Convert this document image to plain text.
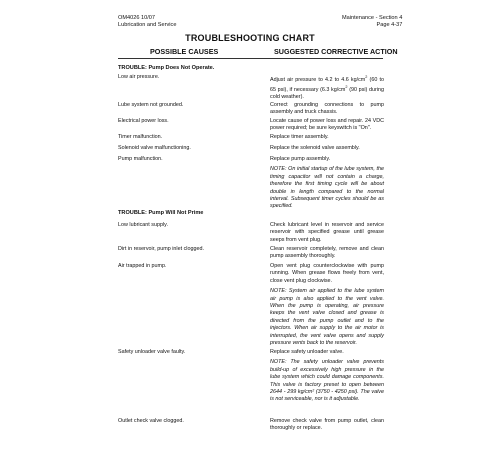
OM4026 10/07
Lubrication and Service
Maintenance - Section 4
Page 4-37
TROUBLESHOOTING CHART
POSSIBLE CAUSES	SUGGESTED CORRECTIVE ACTION
TROUBLE: Pump Does Not Operate.
Low air pressure.	Adjust air pressure to 4.2 to 4.6 $kg/cm^2$ (60 to 65 psi), if necessary (6.3 $kg/cm^2$ (90 psi) during cold weather).
Lube system not grounded.	Correct grounding connections to pump assembly and truck chassis.
Electrical power loss.	Locate cause of power loss and repair. 24 VDC power required; be sure keyswitch is "On".
Timer malfunction.	Replace timer assembly.
Solenoid valve malfunctioning.	Replace the solenoid valve assembly.
Pump malfunction.	Replace pump assembly.
NOTE: On initial startup of the lube system, the timing capacitor will not contain a charge, therefore the first timing cycle will be about double in length compared to the normal interval. Subsequent timer cycles should be as specified.
TROUBLE: Pump Will Not Prime
Low lubricant supply.	Check lubricant level in reservoir and service reservoir with specified grease until grease seeps from vent plug.
Dirt in reservoir, pump inlet clogged.	Clean reservoir completely, remove and clean pump assembly thoroughly.
Air trapped in pump.	Open vent plug counterclockwise with pump running. When grease flows freely from vent, close vent plug clockwise.
NOTE: System air applied to the lube system air pump is also applied to the vent valve. When the pump is operating, air pressure keeps the vent valve closed and grease is directed from the pump outlet and to the injectors. When air supply to the air motor is interrupted, the vent valve opens and supply pressure vents back to the reservoir.
Safety unloader valve faulty.	Replace safety unloader valve.
NOTE: The safety unloader valve prevents build-up of excessively high pressure in the lube system which could damage components. This valve is factory preset to open between 2644 - 299 kg/cm² (3750 - 4250 psi). The valve is not serviceable, nor is it adjustable.
Outlet check valve clogged.	Remove check valve from pump outlet, clean thoroughly or replace.
